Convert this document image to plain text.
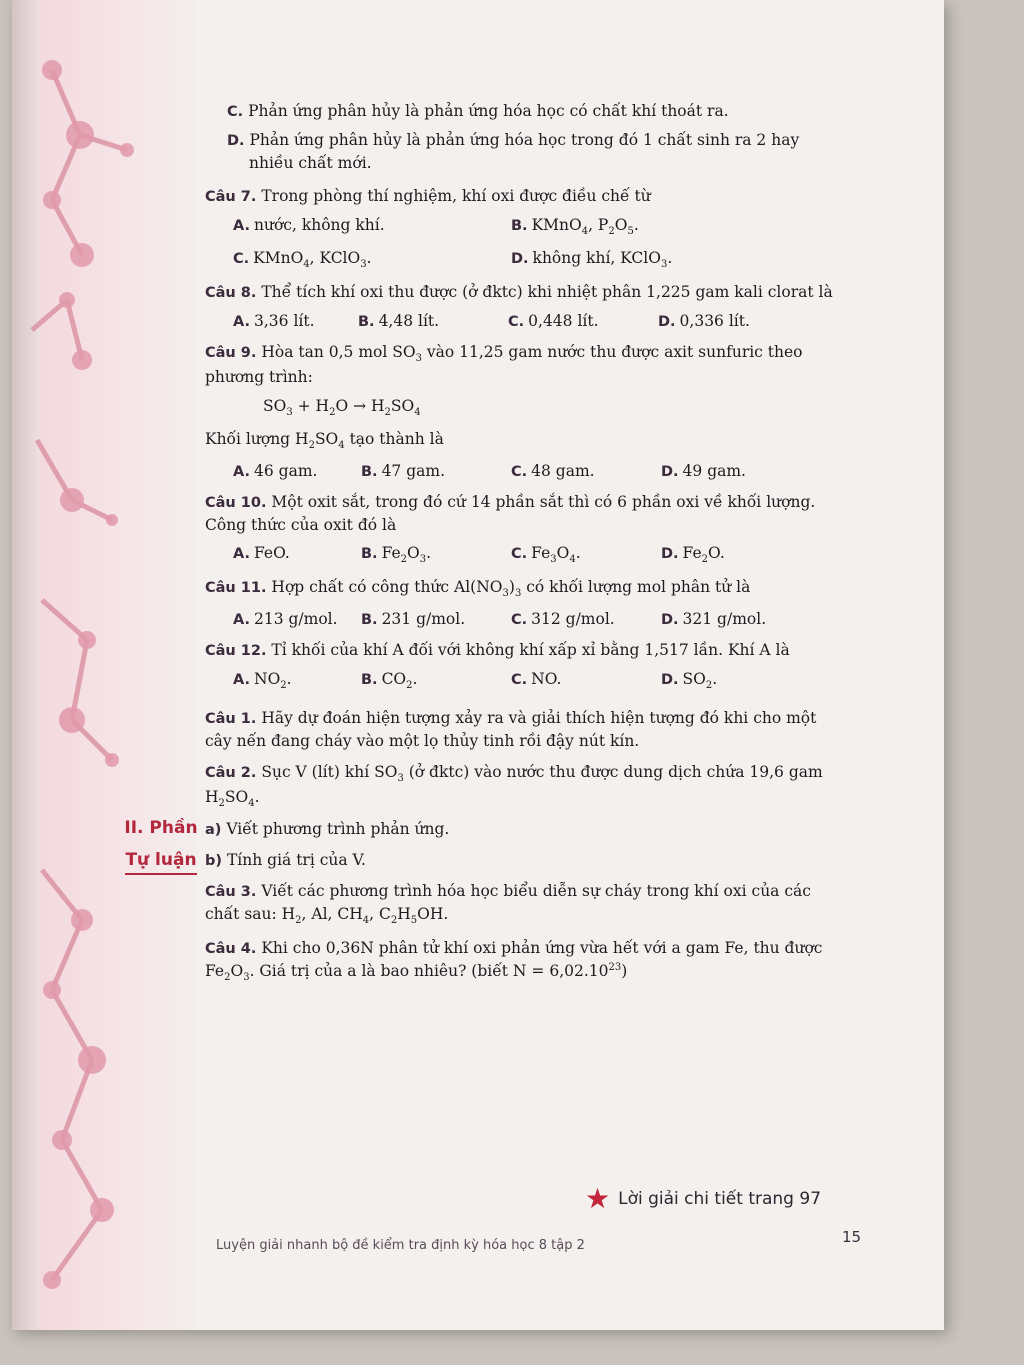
II. Phần
Tự luận
C. Phản ứng phân hủy là phản ứng hóa học có chất khí thoát ra.
D. Phản ứng phân hủy là phản ứng hóa học trong đó 1 chất sinh ra 2 hay nhiều chất mới.
Câu 7. Trong phòng thí nghiệm, khí oxi được điều chế từ
A. nước, không khí.	B. KMnO$_4$, $P_2O_5$.
C. KMnO$_4$, KClO$_3$.	D. không khí, KClO$_3$.
Câu 8. Thể tích khí oxi thu được (ở đktc) khi nhiệt phân 1,225 gam kali clorat là
A. 3,36 lít.	B. 4,48 lít.	C. 0,448 lít.	D. 0,336 lít.
Câu 9. Hòa tan 0,5 mol $SO_3$ vào 11,25 gam nước thu được axit sunfuric theo phương trình:
$SO_3 + H_2O \to H_2SO_4$
Khối lượng $H_2SO_4$ tạo thành là
A. 46 gam.	B. 47 gam.	C. 48 gam.	D. 49 gam.
Câu 10. Một oxit sắt, trong đó cứ 14 phần sắt thì có 6 phần oxi về khối lượng. Công thức của oxit đó là
A. FeO.	B. $Fe_2O_3$.	C. $Fe_3O_4$.	D. $Fe_2O$.
Câu 11. Hợp chất có công thức $Al(NO_3)_3$ có khối lượng mol phân tử là
A. 213 g/mol.	B. 231 g/mol.	C. 312 g/mol.	D. 321 g/mol.
Câu 12. Tỉ khối của khí A đối với không khí xấp xỉ bằng 1,517 lần. Khí A là
A. $NO_2$.	B. $CO_2$.	C. NO.	D. $SO_2$.
Câu 1. Hãy dự đoán hiện tượng xảy ra và giải thích hiện tượng đó khi cho một cây nến đang cháy vào một lọ thủy tinh rồi đậy nút kín.
Câu 2. Sục V (lít) khí $SO_3$ (ở đktc) vào nước thu được dung dịch chứa 19,6 gam $H_2SO_4$.
a) Viết phương trình phản ứng.
b) Tính giá trị của V.
Câu 3. Viết các phương trình hóa học biểu diễn sự cháy trong khí oxi của các chất sau: $H_2$, Al, $CH_4$, $C_2H_5OH$.
Câu 4. Khi cho 0,36N phân tử khí oxi phản ứng vừa hết với a gam Fe, thu được $Fe_2O_3$. Giá trị của a là bao nhiêu? (biết $N = 6,02.10^{23}$)
★ Lời giải chi tiết trang 97
Luyện giải nhanh bộ đề kiểm tra định kỳ hóa học 8 tập 2	15
